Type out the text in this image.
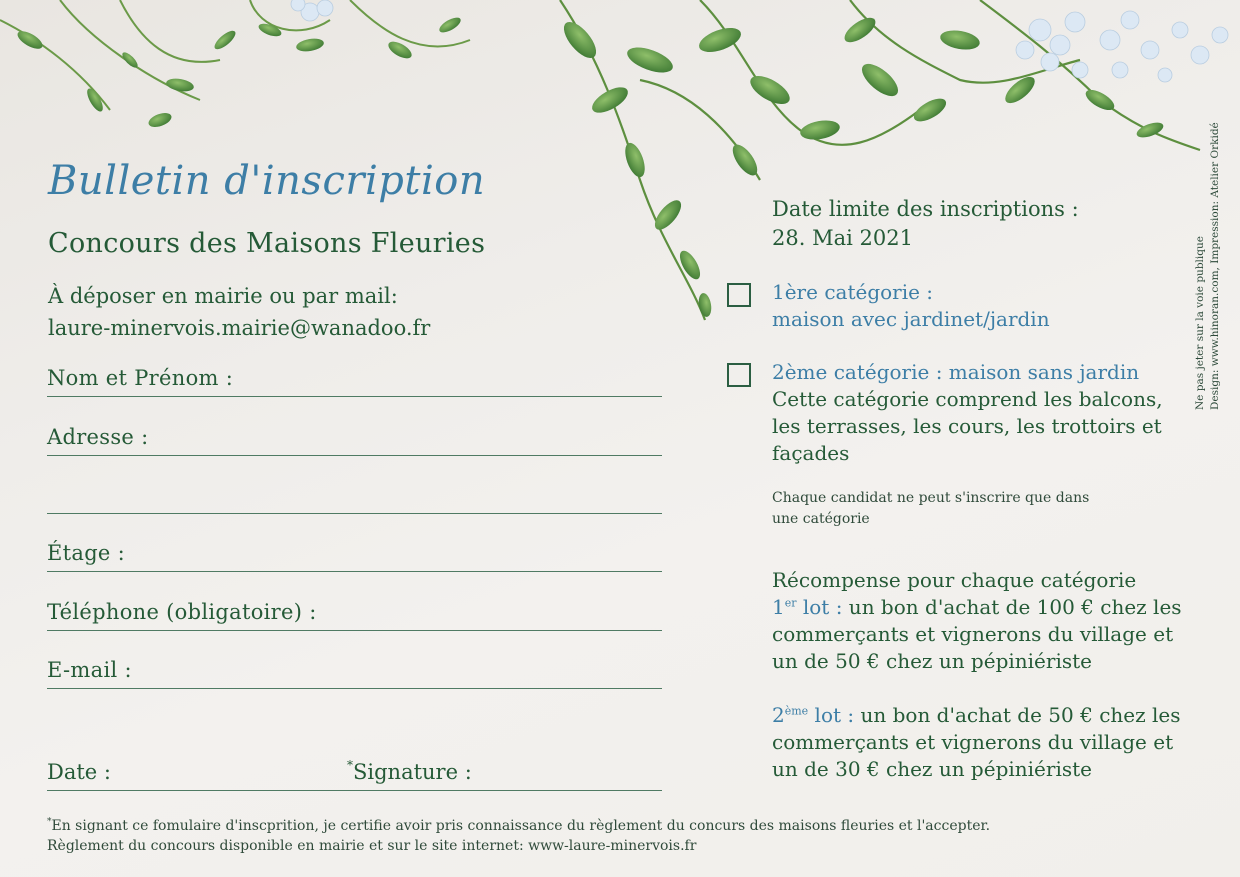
Bulletin d'inscription
Concours des Maisons Fleuries
À déposer en mairie ou par mail:
laure-minervois.mairie@wanadoo.fr
Nom et Prénom :
Adresse :
Étage :
Téléphone (obligatoire) :
E-mail :
Date :	*Signature :
*En signant ce fomulaire d'inscprition, je certifie avoir pris connaissance du règlement du concurs des maisons fleuries et l'accepter.
Règlement du concours disponible en mairie et sur le site internet: www-laure-minervois.fr
Date limite des inscriptions :
28. Mai 2021
1ère catégorie :
maison avec jardinet/jardin
2ème catégorie : maison sans jardin
Cette catégorie comprend les balcons,
les terrasses, les cours, les trottoirs et
façades
Chaque candidat ne peut s'inscrire que dans
une catégorie
Récompense pour chaque catégorie
1er lot : un bon d'achat de 100 € chez les
commerçants et vignerons du village et
un de 50 € chez un pépiniériste
2ème lot : un bon d'achat de 50 € chez les
commerçants et vignerons du village et
un de 30 € chez un pépiniériste
Ne pas jeter sur la voie publique Design: www.hinoran.com, Impression: Atelier Orkidé
